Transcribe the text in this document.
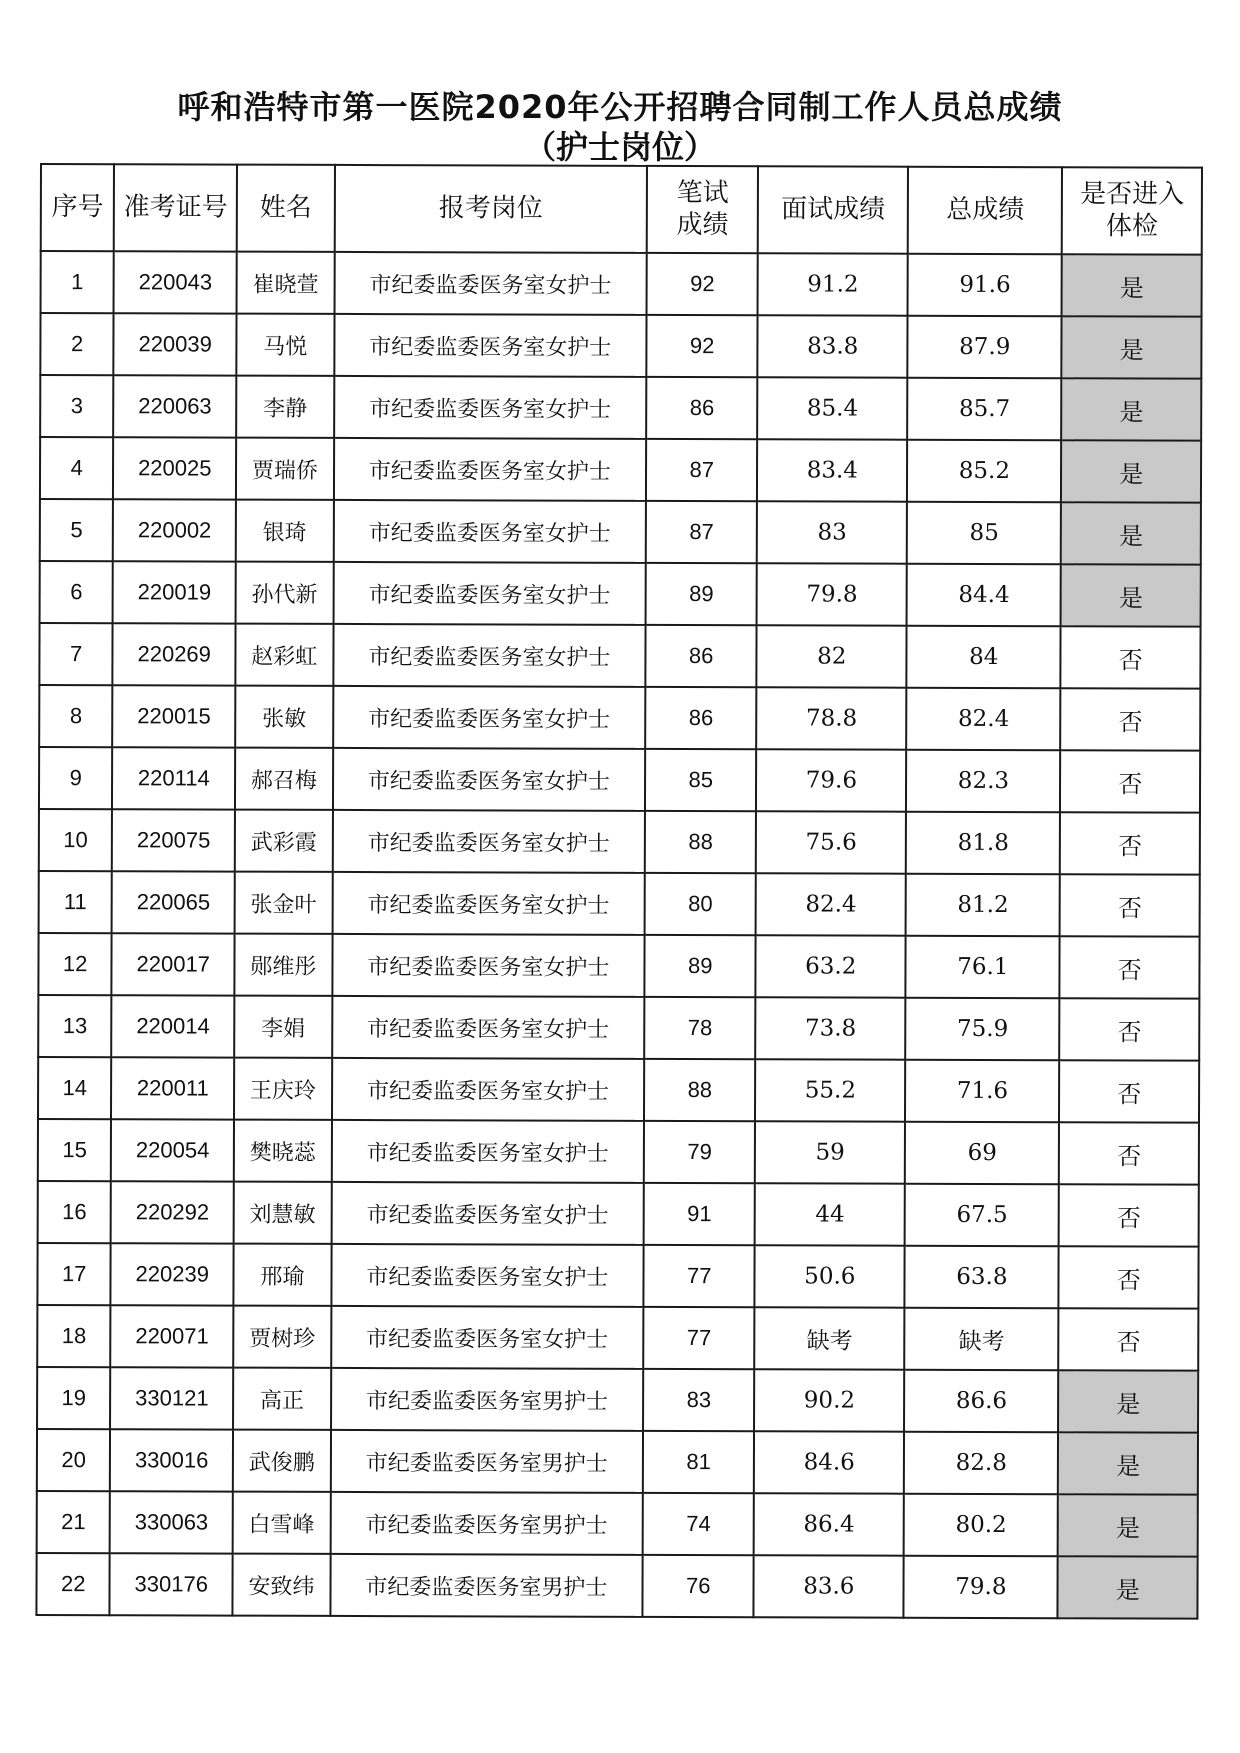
呼和浩特市第一医院2020年公开招聘合同制工作人员总成绩
（护士岗位）
序号	准考证号	姓名	报考岗位	笔试
成绩	面试成绩	总成绩	是否进入
体检
1	220043	崔晓萱	市纪委监委医务室女护士	92	91.2	91.6	是
2	220039	马悦	市纪委监委医务室女护士	92	83.8	87.9	是
3	220063	李静	市纪委监委医务室女护士	86	85.4	85.7	是
4	220025	贾瑞侨	市纪委监委医务室女护士	87	83.4	85.2	是
5	220002	银琦	市纪委监委医务室女护士	87	83	85	是
6	220019	孙代新	市纪委监委医务室女护士	89	79.8	84.4	是
7	220269	赵彩虹	市纪委监委医务室女护士	86	82	84	否
8	220015	张敏	市纪委监委医务室女护士	86	78.8	82.4	否
9	220114	郝召梅	市纪委监委医务室女护士	85	79.6	82.3	否
10	220075	武彩霞	市纪委监委医务室女护士	88	75.6	81.8	否
11	220065	张金叶	市纪委监委医务室女护士	80	82.4	81.2	否
12	220017	郧维彤	市纪委监委医务室女护士	89	63.2	76.1	否
13	220014	李娟	市纪委监委医务室女护士	78	73.8	75.9	否
14	220011	王庆玲	市纪委监委医务室女护士	88	55.2	71.6	否
15	220054	樊晓蕊	市纪委监委医务室女护士	79	59	69	否
16	220292	刘慧敏	市纪委监委医务室女护士	91	44	67.5	否
17	220239	邢瑜	市纪委监委医务室女护士	77	50.6	63.8	否
18	220071	贾树珍	市纪委监委医务室女护士	77	缺考	缺考	否
19	330121	高正	市纪委监委医务室男护士	83	90.2	86.6	是
20	330016	武俊鹏	市纪委监委医务室男护士	81	84.6	82.8	是
21	330063	白雪峰	市纪委监委医务室男护士	74	86.4	80.2	是
22	330176	安致纬	市纪委监委医务室男护士	76	83.6	79.8	是
